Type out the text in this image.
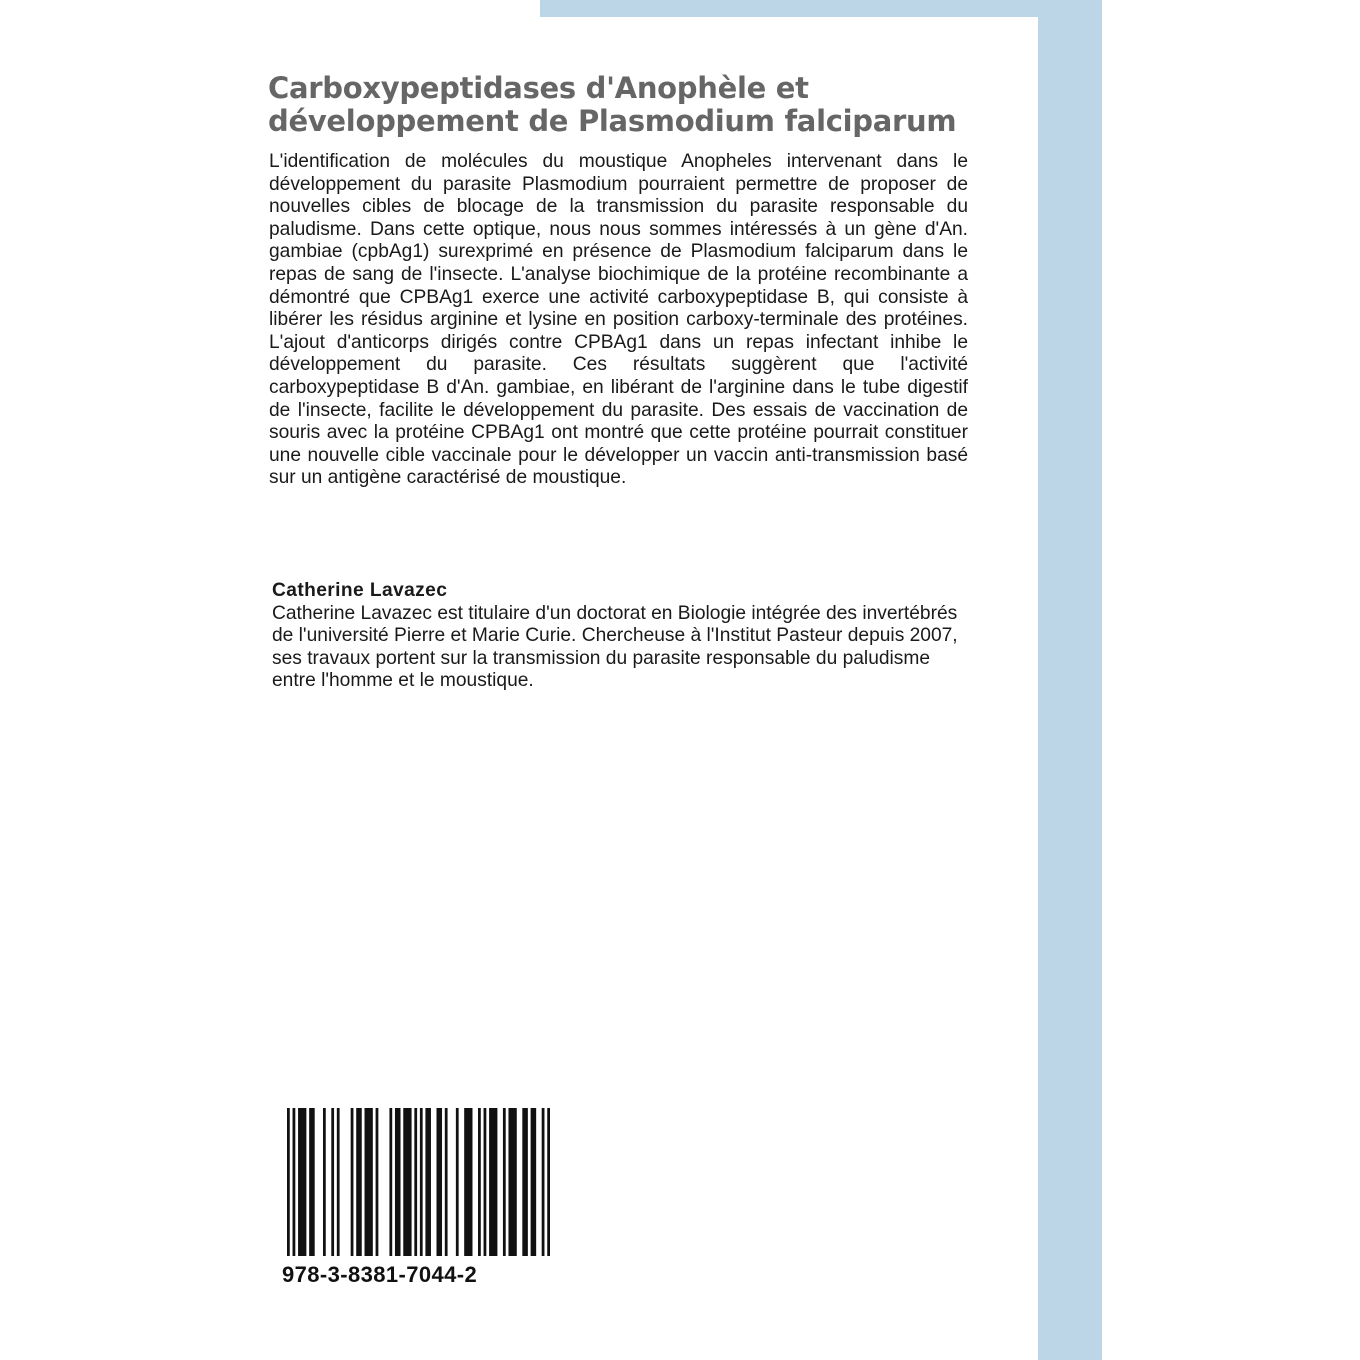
Carboxypeptidases d'Anophèle et
développement de Plasmodium falciparum

L'identification de molécules du moustique Anopheles intervenant dans le développement du parasite Plasmodium pourraient permettre de proposer de nouvelles cibles de blocage de la transmission du parasite responsable du paludisme. Dans cette optique, nous nous sommes intéressés à un gène d'An. gambiae (cpbAg1) surexprimé en présence de Plasmodium falciparum dans le repas de sang de l'insecte. L'analyse biochimique de la protéine recombinante a démontré que CPBAg1 exerce une activité carboxypeptidase B, qui consiste à libérer les résidus arginine et lysine en position carboxy-terminale des protéines. L'ajout d'anticorps dirigés contre CPBAg1 dans un repas infectant inhibe le développement du parasite. Ces résultats suggèrent que l'activité carboxypeptidase B d'An. gambiae, en libérant de l'arginine dans le tube digestif de l'insecte, facilite le développement du parasite. Des essais de vaccination de souris avec la protéine CPBAg1 ont montré que cette protéine pourrait constituer une nouvelle cible vaccinale pour le développer un vaccin anti-transmission basé sur un antigène caractérisé de moustique.

Catherine Lavazec

Catherine Lavazec est titulaire d'un doctorat en Biologie intégrée des invertébrés de l'université Pierre et Marie Curie. Chercheuse à l'Institut Pasteur depuis 2007, ses travaux portent sur la transmission du parasite responsable du paludisme entre l'homme et le moustique.

978-3-8381-7044-2
